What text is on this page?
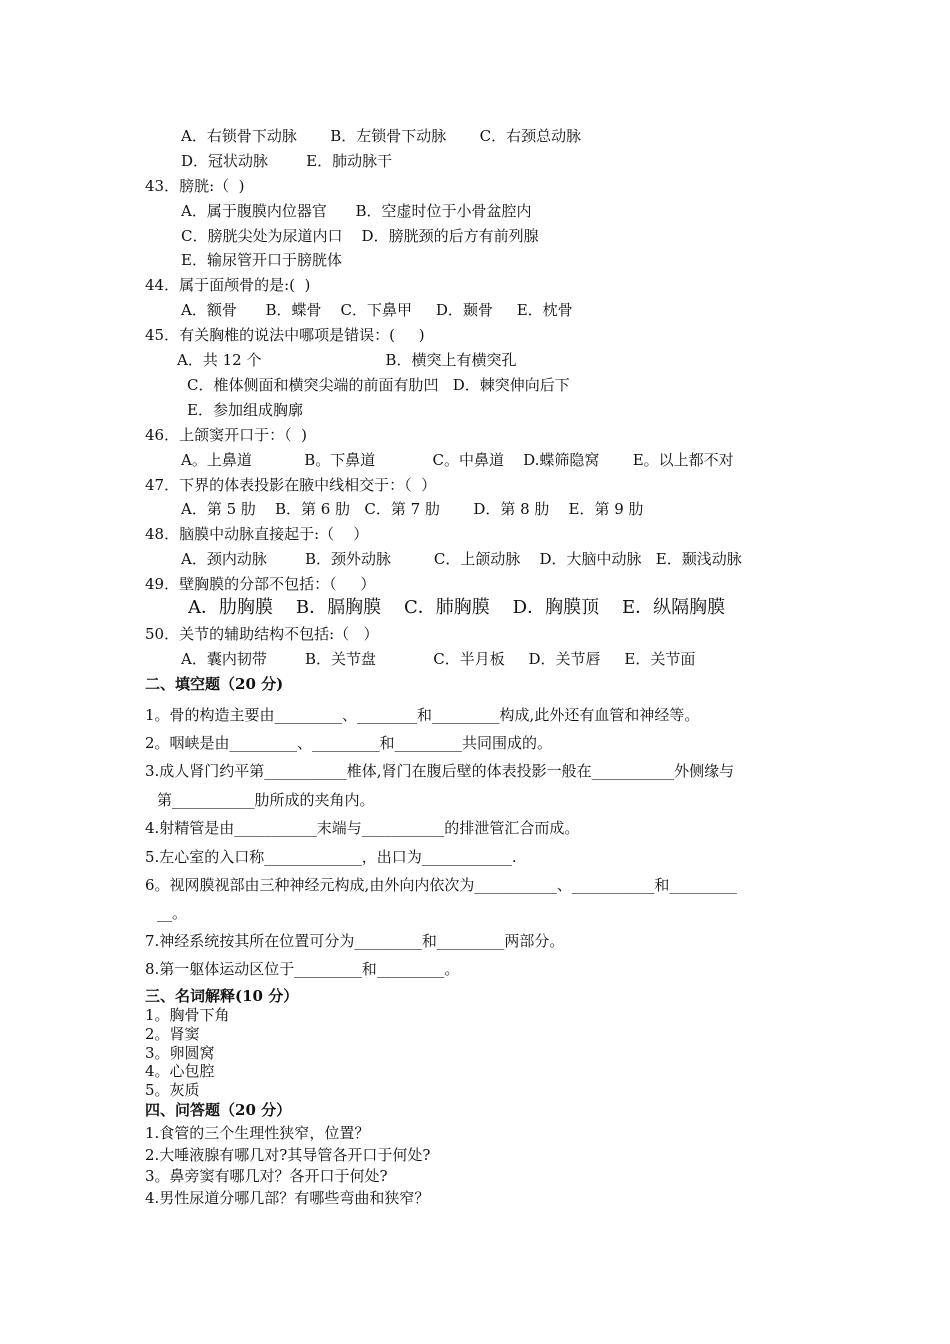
A．右锁骨下动脉       B．左锁骨下动脉       C．右颈总动脉
D．冠状动脉        E．肺动脉干
43．膀胱:（  )
A．属于腹膜内位器官      B．空虚时位于小骨盆腔内
C．膀胱尖处为尿道内口    D．膀胱颈的后方有前列腺
E．输尿管开口于膀胱体
44．属于面颅骨的是:(  )
A．额骨      B．蝶骨    C．下鼻甲     D．颞骨     E．枕骨
45．有关胸椎的说法中哪项是错误：(     )
A．共 12 个                          B．横突上有横突孔
C．椎体侧面和横突尖端的前面有肋凹   D．棘突伸向后下
E．参加组成胸廓
46．上颌窦开口于：（  )
A。上鼻道           B。下鼻道            C。中鼻道    D.蝶筛隐窝       E。以上都不对
47．下界的体表投影在腋中线相交于：（  ）
A．第 5 肋    B．第 6 肋   C．第 7 肋       D．第 8 肋    E．第 9 肋
48．脑膜中动脉直接起于:（    ）
A．颈内动脉        B．颈外动脉         C．上颌动脉    D．大脑中动脉   E．颞浅动脉
49．壁胸膜的分部不包括：（     ）
A．肋胸膜    B．膈胸膜    C．肺胸膜    D．胸膜顶    E．纵隔胸膜
50．关节的辅助结构不包括:（   ）
A．囊内韧带        B．关节盘            C．半月板     D．关节唇     E．关节面
二、填空题（20 分)
1。骨的构造主要由_________、________和_________构成,此外还有血管和神经等。
2。咽峡是由_________、_________和_________共同围成的。
3.成人肾门约平第___________椎体,肾门在腹后壁的体表投影一般在___________外侧缘与
第___________肋所成的夹角内。
4.射精管是由___________末端与___________的排泄管汇合而成。
5.左心室的入口称_____________，出口为____________.
6。视网膜视部由三种神经元构成,由外向内依次为___________、___________和_________
__。
7.神经系统按其所在位置可分为_________和_________两部分。
8.第一躯体运动区位于_________和_________。
三、名词解释(10 分）
1。胸骨下角
2。肾窦
3。卵圆窝
4。心包腔
5。灰质
四、问答题（20 分）
1.食管的三个生理性狭窄，位置？
2.大唾液腺有哪几对?其导管各开口于何处?
3。鼻旁窦有哪几对？各开口于何处?
4.男性尿道分哪几部？有哪些弯曲和狭窄？
